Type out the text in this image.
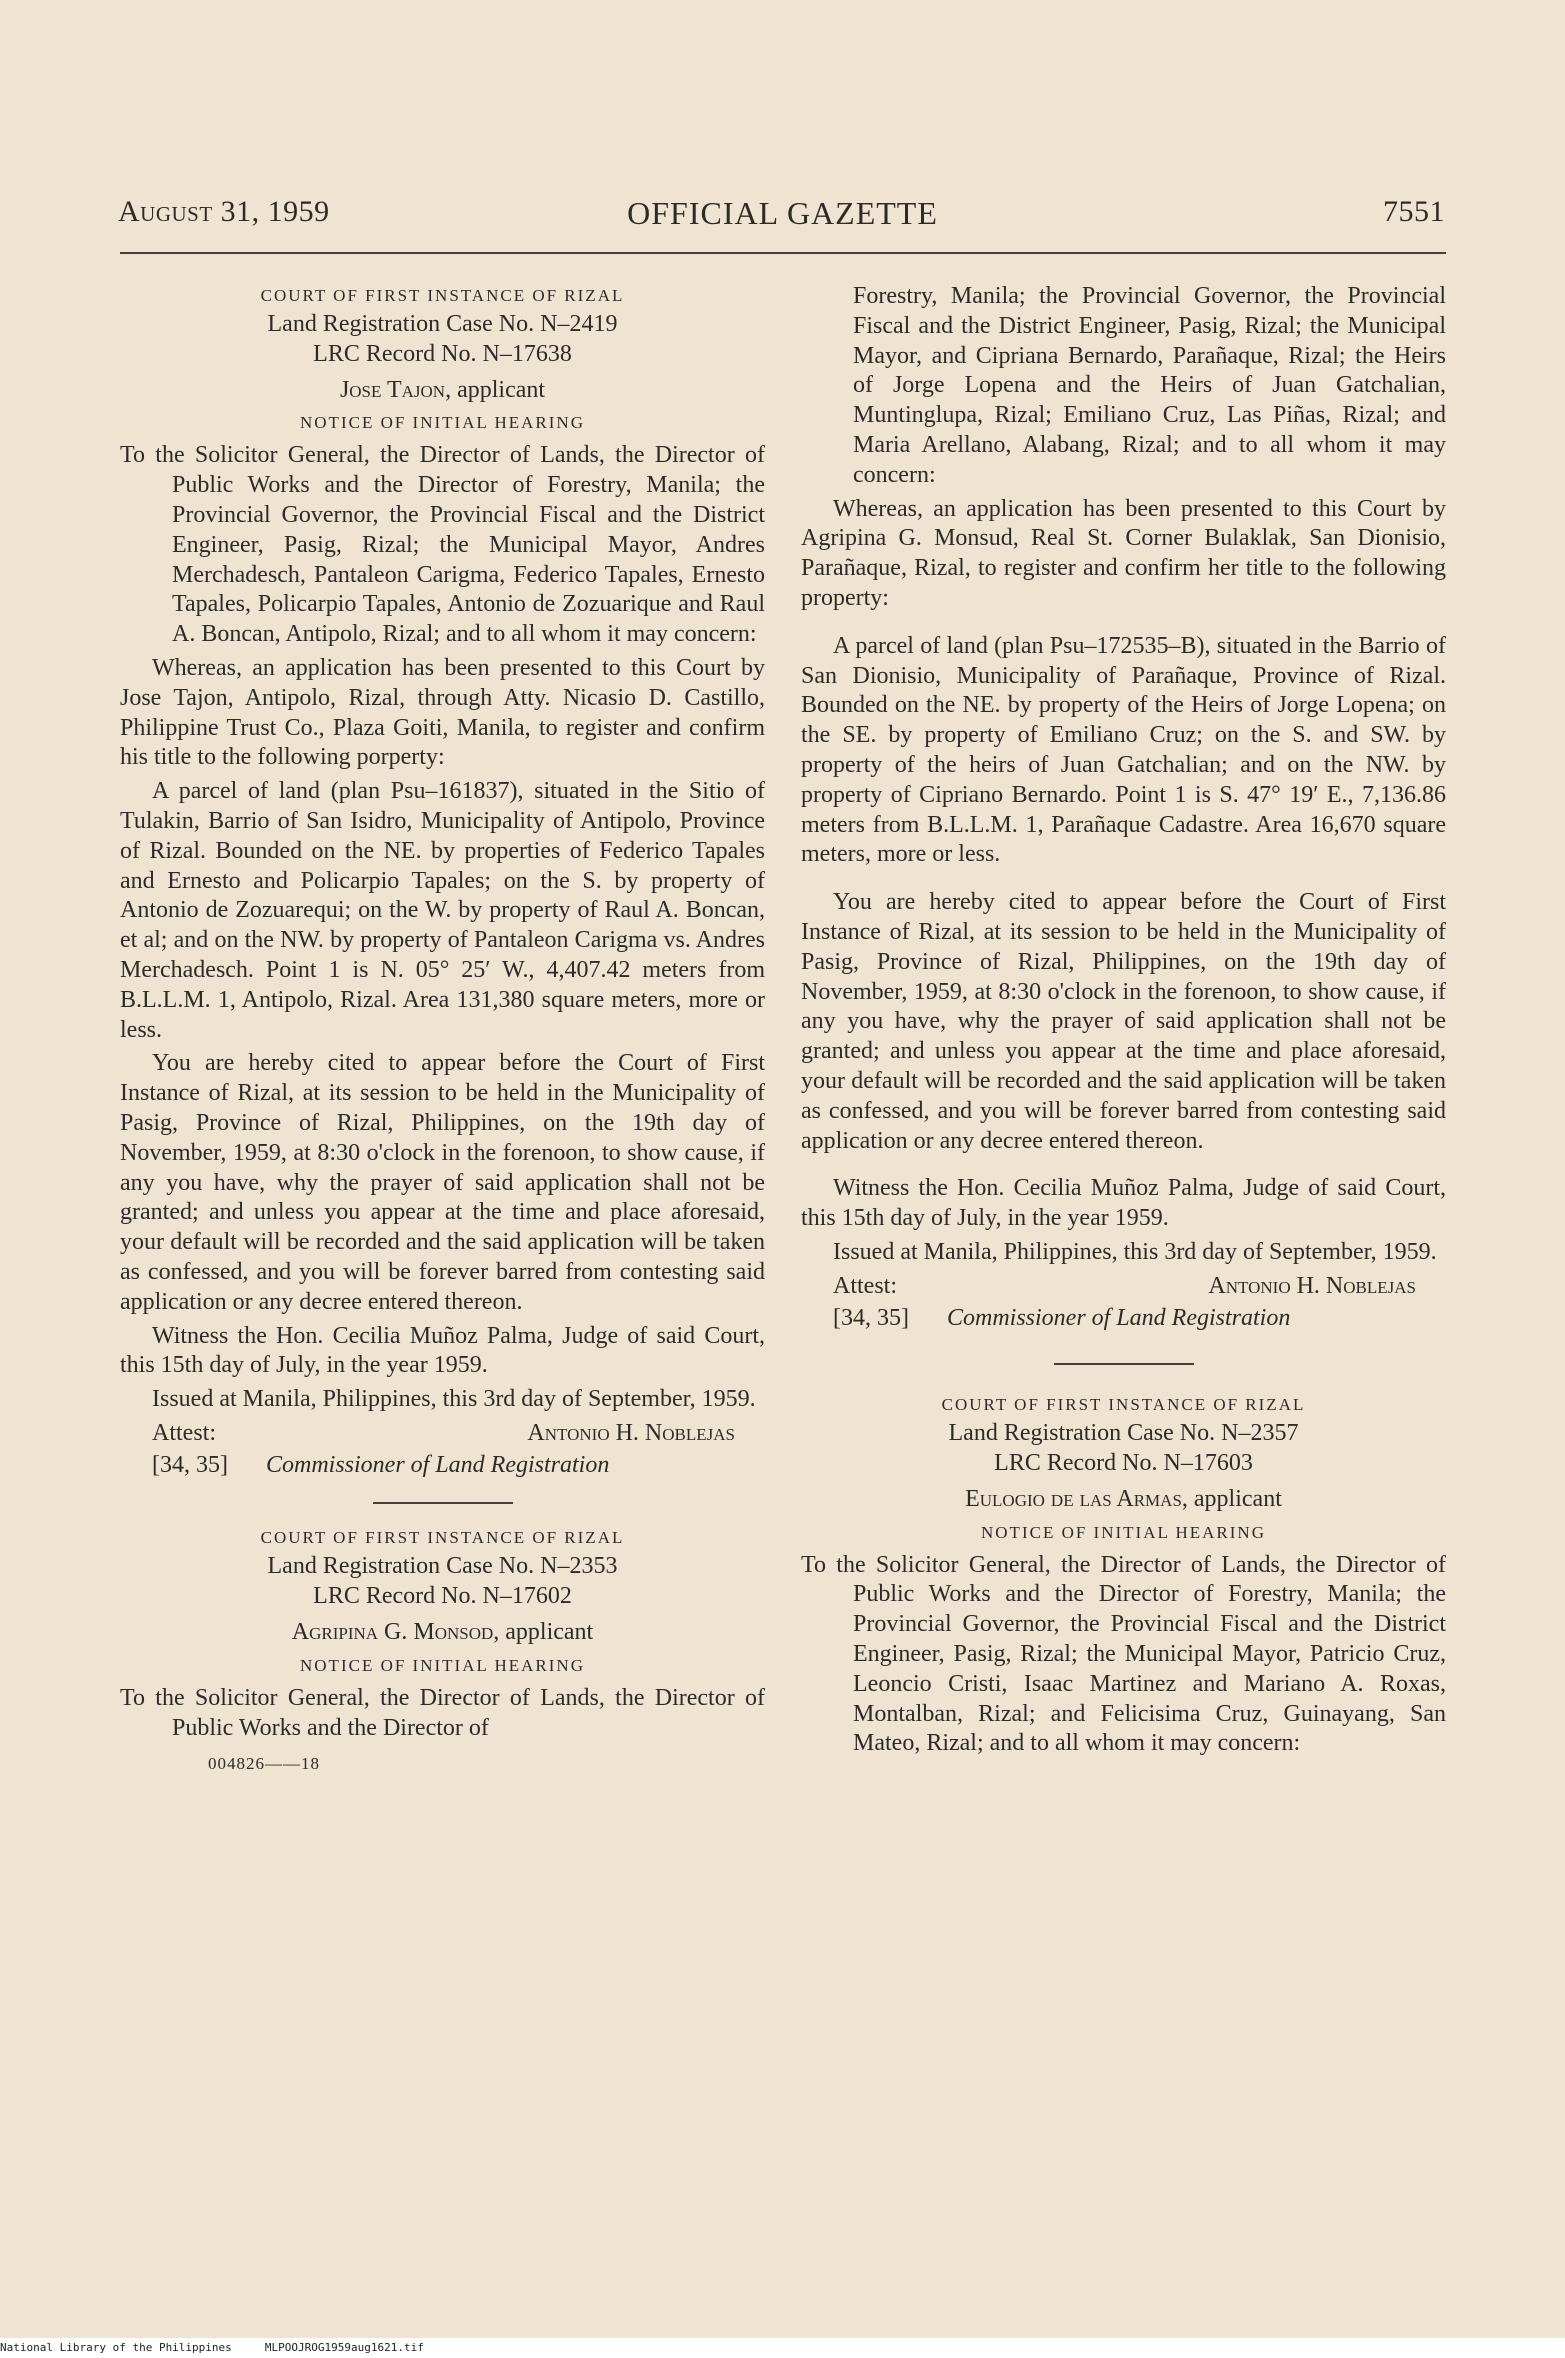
OFFICIAL GAZETTE
August 31, 1959	7551
COURT OF FIRST INSTANCE OF RIZAL

Land Registration Case No. N–2419

LRC Record No. N–17638

Jose Tajon, applicant

NOTICE OF INITIAL HEARING

To the Solicitor General, the Director of Lands, the Director of Public Works and the Director of Forestry, Manila; the Provincial Governor, the Provincial Fiscal and the District Engineer, Pasig, Rizal; the Municipal Mayor, Andres Merchadesch, Pantaleon Carigma, Federico Tapales, Ernesto Tapales, Policarpio Tapales, Antonio de Zozuarique and Raul A. Boncan, Antipolo, Rizal; and to all whom it may concern:

Whereas, an application has been presented to this Court by Jose Tajon, Antipolo, Rizal, through Atty. Nicasio D. Castillo, Philippine Trust Co., Plaza Goiti, Manila, to register and confirm his title to the following porperty:

A parcel of land (plan Psu–161837), situated in the Sitio of Tulakin, Barrio of San Isidro, Municipality of Antipolo, Province of Rizal. Bounded on the NE. by properties of Federico Tapales and Ernesto and Policarpio Tapales; on the S. by property of Antonio de Zozuarequi; on the W. by property of Raul A. Boncan, et al; and on the NW. by property of Pantaleon Carigma vs. Andres Merchadesch. Point 1 is N. 05° 25′ W., 4,407.42 meters from B.L.L.M. 1, Antipolo, Rizal. Area 131,380 square meters, more or less.

You are hereby cited to appear before the Court of First Instance of Rizal, at its session to be held in the Municipality of Pasig, Province of Rizal, Philippines, on the 19th day of November, 1959, at 8:30 o'clock in the forenoon, to show cause, if any you have, why the prayer of said application shall not be granted; and unless you appear at the time and place aforesaid, your default will be recorded and the said application will be taken as confessed, and you will be forever barred from contesting said application or any decree entered thereon.

Witness the Hon. Cecilia Muñoz Palma, Judge of said Court, this 15th day of July, in the year 1959.

Issued at Manila, Philippines, this 3rd day of September, 1959.

Attest:	Antonio H. Noblejas
[34, 35] Commissioner of Land Registration
COURT OF FIRST INSTANCE OF RIZAL

Land Registration Case No. N–2353

LRC Record No. N–17602

Agripina G. Monsod, applicant

NOTICE OF INITIAL HEARING

To the Solicitor General, the Director of Lands, the Director of Public Works and the Director of

004826——18

Forestry, Manila; the Provincial Governor, the Provincial Fiscal and the District Engineer, Pasig, Rizal; the Municipal Mayor, and Cipriana Bernardo, Parañaque, Rizal; the Heirs of Jorge Lopena and the Heirs of Juan Gatchalian, Muntinglupa, Rizal; Emiliano Cruz, Las Piñas, Rizal; and Maria Arellano, Alabang, Rizal; and to all whom it may concern:

Whereas, an application has been presented to this Court by Agripina G. Monsud, Real St. Corner Bulaklak, San Dionisio, Parañaque, Rizal, to register and confirm her title to the following property:

A parcel of land (plan Psu–172535–B), situated in the Barrio of San Dionisio, Municipality of Parañaque, Province of Rizal. Bounded on the NE. by property of the Heirs of Jorge Lopena; on the SE. by property of Emiliano Cruz; on the S. and SW. by property of the heirs of Juan Gatchalian; and on the NW. by property of Cipriano Bernardo. Point 1 is S. 47° 19′ E., 7,136.86 meters from B.L.L.M. 1, Parañaque Cadastre. Area 16,670 square meters, more or less.

You are hereby cited to appear before the Court of First Instance of Rizal, at its session to be held in the Municipality of Pasig, Province of Rizal, Philippines, on the 19th day of November, 1959, at 8:30 o'clock in the forenoon, to show cause, if any you have, why the prayer of said application shall not be granted; and unless you appear at the time and place aforesaid, your default will be recorded and the said application will be taken as confessed, and you will be forever barred from contesting said application or any decree entered thereon.

Witness the Hon. Cecilia Muñoz Palma, Judge of said Court, this 15th day of July, in the year 1959.

Issued at Manila, Philippines, this 3rd day of September, 1959.

Attest:	Antonio H. Noblejas
[34, 35] Commissioner of Land Registration
COURT OF FIRST INSTANCE OF RIZAL

Land Registration Case No. N–2357

LRC Record No. N–17603

Eulogio de las Armas, applicant

NOTICE OF INITIAL HEARING

To the Solicitor General, the Director of Lands, the Director of Public Works and the Director of Forestry, Manila; the Provincial Governor, the Provincial Fiscal and the District Engineer, Pasig, Rizal; the Municipal Mayor, Patricio Cruz, Leoncio Cristi, Isaac Martinez and Mariano A. Roxas, Montalban, Rizal; and Felicisima Cruz, Guinayang, San Mateo, Rizal; and to all whom it may concern:

National Library of the Philippines	MLPOOJROG1959aug1621.tif
